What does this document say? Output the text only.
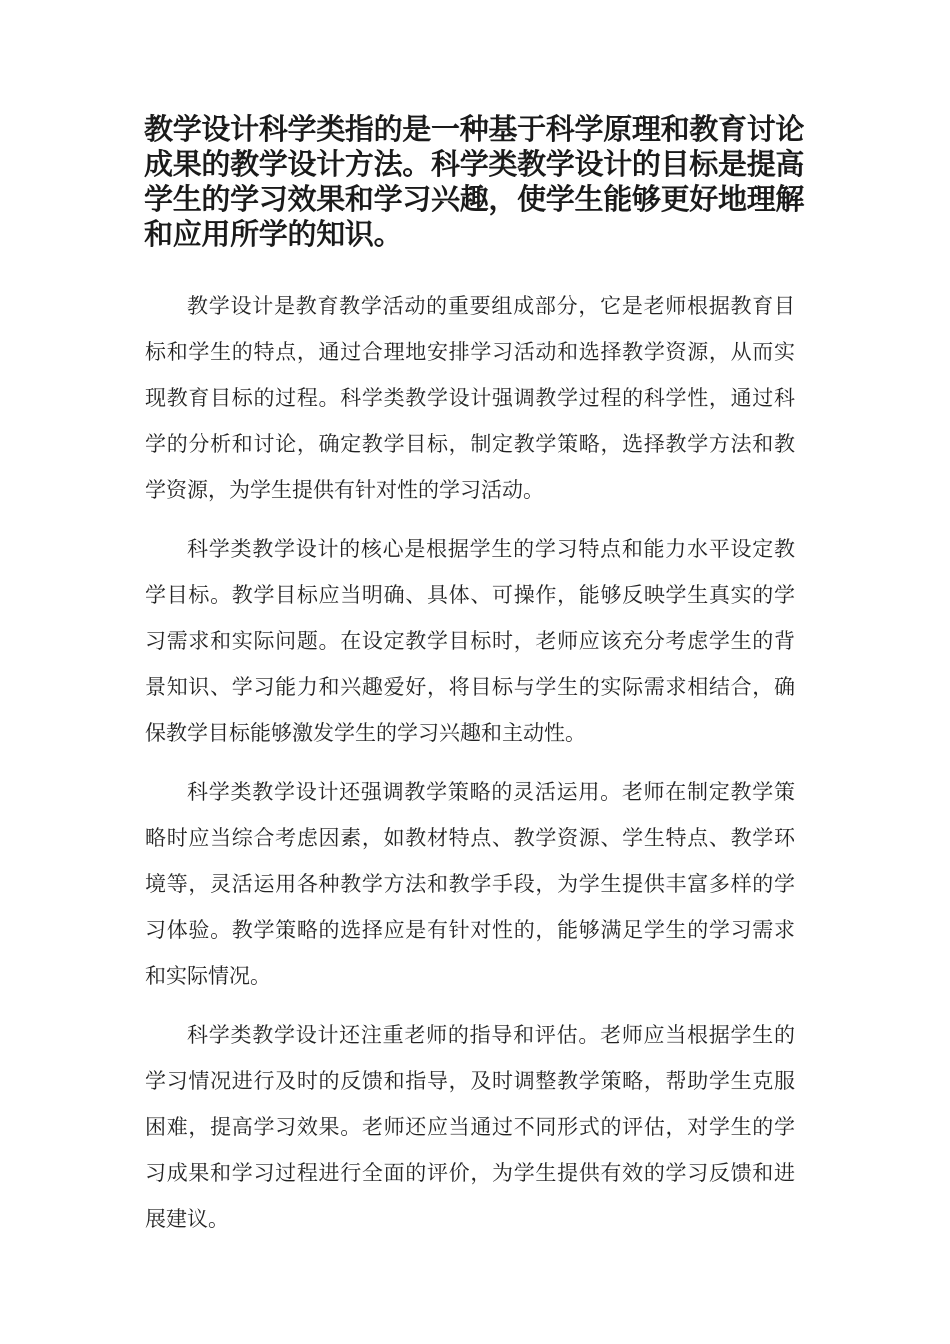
教学设计科学类指的是一种基于科学原理和教育讨论成果的教学设计方法。科学类教学设计的目标是提高学生的学习效果和学习兴趣，使学生能够更好地理解和应用所学的知识。

教学设计是教育教学活动的重要组成部分，它是老师根据教育目标和学生的特点，通过合理地安排学习活动和选择教学资源，从而实现教育目标的过程。科学类教学设计强调教学过程的科学性，通过科学的分析和讨论，确定教学目标，制定教学策略，选择教学方法和教学资源，为学生提供有针对性的学习活动。

科学类教学设计的核心是根据学生的学习特点和能力水平设定教学目标。教学目标应当明确、具体、可操作，能够反映学生真实的学习需求和实际问题。在设定教学目标时，老师应该充分考虑学生的背景知识、学习能力和兴趣爱好，将目标与学生的实际需求相结合，确保教学目标能够激发学生的学习兴趣和主动性。

科学类教学设计还强调教学策略的灵活运用。老师在制定教学策略时应当综合考虑因素，如教材特点、教学资源、学生特点、教学环境等，灵活运用各种教学方法和教学手段，为学生提供丰富多样的学习体验。教学策略的选择应是有针对性的，能够满足学生的学习需求和实际情况。

科学类教学设计还注重老师的指导和评估。老师应当根据学生的学习情况进行及时的反馈和指导，及时调整教学策略，帮助学生克服困难，提高学习效果。老师还应当通过不同形式的评估，对学生的学习成果和学习过程进行全面的评价，为学生提供有效的学习反馈和进展建议。
